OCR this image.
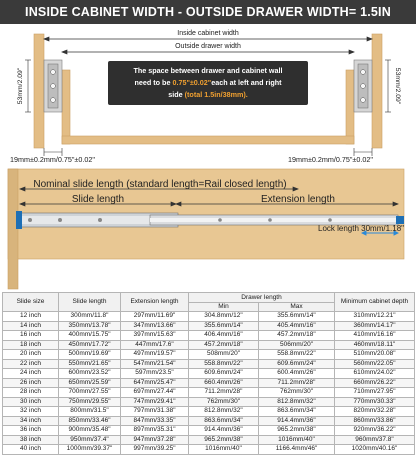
INSIDE CABINET WIDTH - OUTSIDE DRAWER WIDTH= 1.5IN
Inside cabinet width
Outside drawer width
The space between drawer and cabinet wall
need to be 0.75"±0.02"each at left and right
side (total 1.5in/38mm).
53mm/2.09"	53mm/2.09"
19mm±0.2mm/0.75"±0.02"	19mm±0.2mm/0.75"±0.02"
Nominal slide length (standard length=Rail closed length)
Slide length	Extension length
Lock length 30mm/1.18"
Slide size	Slide length	Extension length	Drawer length		Minimum cabinet depth
			Min	Max	
12 inch	300mm/11.8"	297mm/11.69"	304.8mm/12"	355.6mm/14"	310mm/12.21"
14 inch	350mm/13.78"	347mm/13.66"	355.6mm/14"	405.4mm/16"	360mm/14.17"
16 inch	400mm/15.75"	397mm/15.63"	406.4mm/16"	457.2mm/18"	410mm/16.16"
18 inch	450mm/17.72"	447mm/17.6"	457.2mm/18"	506mm/20"	460mm/18.11"
20 inch	500mm/19.69"	497mm/19.57"	508mm/20"	558.8mm/22"	510mm/20.08"
22 inch	550mm/21.65"	547mm/21.54"	558.8mm/22"	609.6mm/24"	560mm/22.05"
24 inch	600mm/23.52"	597mm/23.5"	609.6mm/24"	600.4mm/26"	610mm/24.02"
26 inch	650mm/25.59"	647mm/25.47"	660.4mm/26"	711.2mm/28"	660mm/26.22"
28 inch	700mm/27.55"	697mm/27.44"	711.2mm/28"	762mm/30"	710mm/27.95"
30 inch	750mm/29.55"	747mm/29.41"	762mm/30"	812.8mm/32"	770mm/30.33"
32 inch	800mm/31.5"	797mm/31.38"	812.8mm/32"	863.6mm/34"	820mm/32.28"
34 inch	850mm/33.46"	847mm/33.35"	863.6mm/34"	914.4mm/36"	860mm/33.86"
36 inch	900mm/35.48"	897mm/35.31"	914.4mm/36"	965.2mm/38"	920mm/36.22"
38 inch	950mm/37.4"	947mm/37.28"	965.2mm/38"	1016mm/40"	960mm/37.8"
40 inch	1000mm/39.37"	997mm/39.25"	1016mm/40"	1166.4mm/46"	1020mm/40.16"
